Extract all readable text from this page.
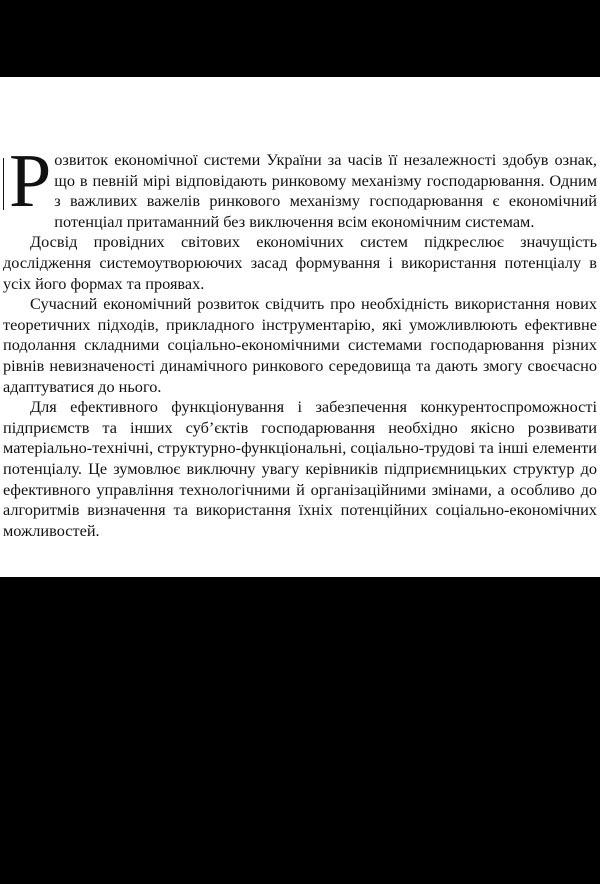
Р озвиток економічної системи України за часів її незалежності здобув ознак, що в певній мірі відповідають ринковому механізму господарювання. Одним з важливих важелів ринкового механізму господарювання є економічний потенціал притаманний без виключення всім економічним системам.

Досвід провідних світових економічних систем підкреслює значущість дослідження системоутворюючих засад формування і використання потенціалу в усіх його формах та проявах.

Сучасний економічний розвиток свідчить про необхідність використання нових теоретичних підходів, прикладного інструментарію, які уможливлюють ефективне подолання складними соціально-економічними системами господарювання різних рівнів невизначеності динамічного ринкового середовища та дають змогу своєчасно адаптуватися до нього.

Для ефективного функціонування і забезпечення конкурентоспроможності підприємств та інших суб’єктів господарювання необхідно якісно розвивати матеріально-технічні, структурно-функціональні, соціально-трудові та інші елементи потенціалу. Це зумовлює виключну увагу керівників підприємницьких структур до ефективного управління технологічними й організаційними змінами, а особливо до алгоритмів визначення та використання їхніх потенційних соціально-економічних можливостей.
